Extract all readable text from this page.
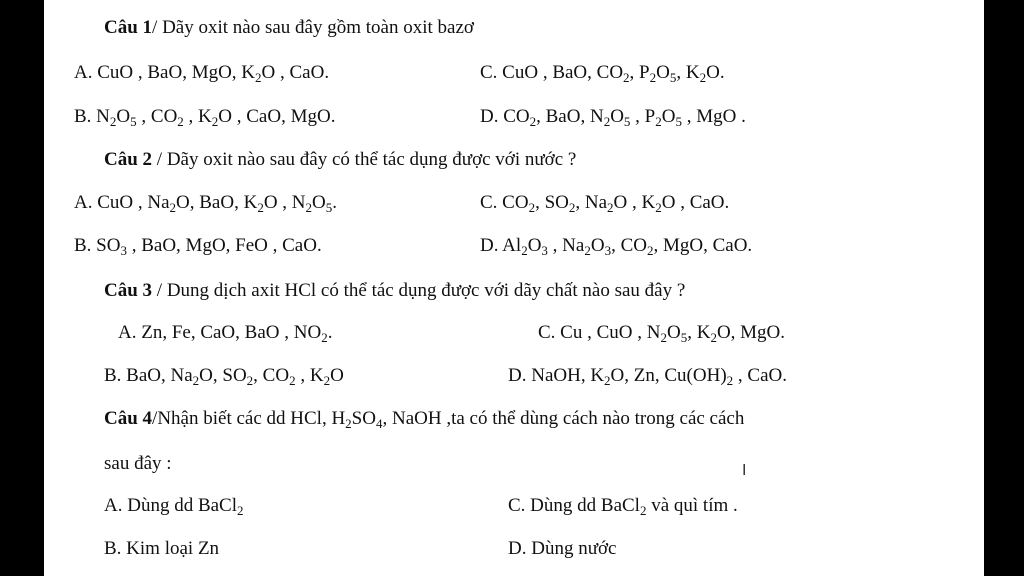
Câu 1/ Dãy oxit nào sau đây gồm toàn oxit bazơ
A. CuO , BaO, MgO, $K_2O$ , CaO.	C. CuO , BaO, $CO_2$, $P_2O_5$, $K_2O$.
B. $N_2O_5$ , $CO_2$ , $K_2O$ , CaO, MgO.	D. $CO_2$, BaO, $N_2O_5$ , $P_2O_5$ , MgO .
Câu 2 / Dãy oxit nào sau đây có thể tác dụng được với nước ?
A. CuO , $Na_2O$, BaO, $K_2O$ , $N_2O_5$.	C. $CO_2$, $SO_2$, $Na_2O$ , $K_2O$ , CaO.
B. $SO_3$ , BaO, MgO, FeO , CaO.	D. $Al_2O_3$ , $Na_2O_3$, $CO_2$, MgO, CaO.
Câu 3 / Dung dịch axit HCl có thể tác dụng được với dãy chất nào sau đây ?
A. Zn, Fe, CaO, BaO , $NO_2$.	C. Cu , CuO , $N_2O_5$, $K_2O$, MgO.
B. BaO, $Na_2O$, $SO_2$, $CO_2$ , $K_2O$	D. NaOH, $K_2O$, Zn, $Cu(OH)_2$ , CaO.
Câu 4/Nhận biết các dd HCl, $H_2SO_4$, NaOH ,ta có thể dùng cách nào trong các cách
sau đây :	I
A. Dùng dd BaCl$_2$	C. Dùng dd BaCl$_2$ và quì tím .
B. Kim loại Zn	D. Dùng nước
